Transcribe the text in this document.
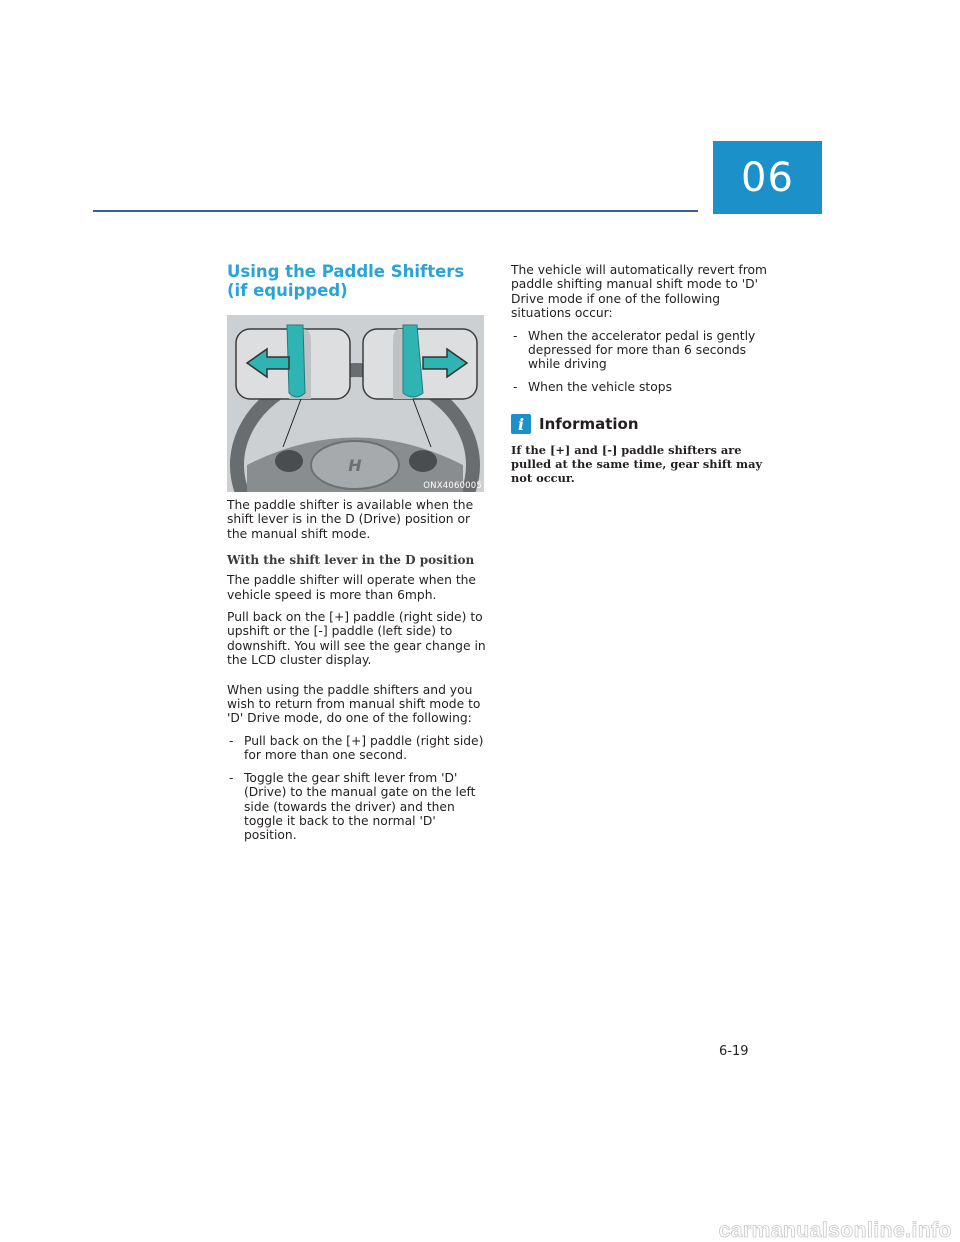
06
Using the Paddle Shifters (if equipped)
H
ONX4060005

The paddle shifter is available when the shift lever is in the D (Drive) position or the manual shift mode.

With the shift lever in the D position

The paddle shifter will operate when the vehicle speed is more than 6mph.

Pull back on the [+] paddle (right side) to upshift or the [-] paddle (left side) to downshift. You will see the gear change in the LCD cluster display.

When using the paddle shifters and you wish to return from manual shift mode to 'D' Drive mode, do one of the following:

- Pull back on the [+] paddle (right side) for more than one second.
- Toggle the gear shift lever from 'D' (Drive) to the manual gate on the left side (towards the driver) and then toggle it back to the normal 'D' position.

The vehicle will automatically revert from paddle shifting manual shift mode to 'D' Drive mode if one of the following situations occur:

- When the accelerator pedal is gently depressed for more than 6 seconds while driving
- When the vehicle stops
i Information

If the [+] and [-] paddle shifters are pulled at the same time, gear shift may not occur.

6-19
carmanualsonline.info
